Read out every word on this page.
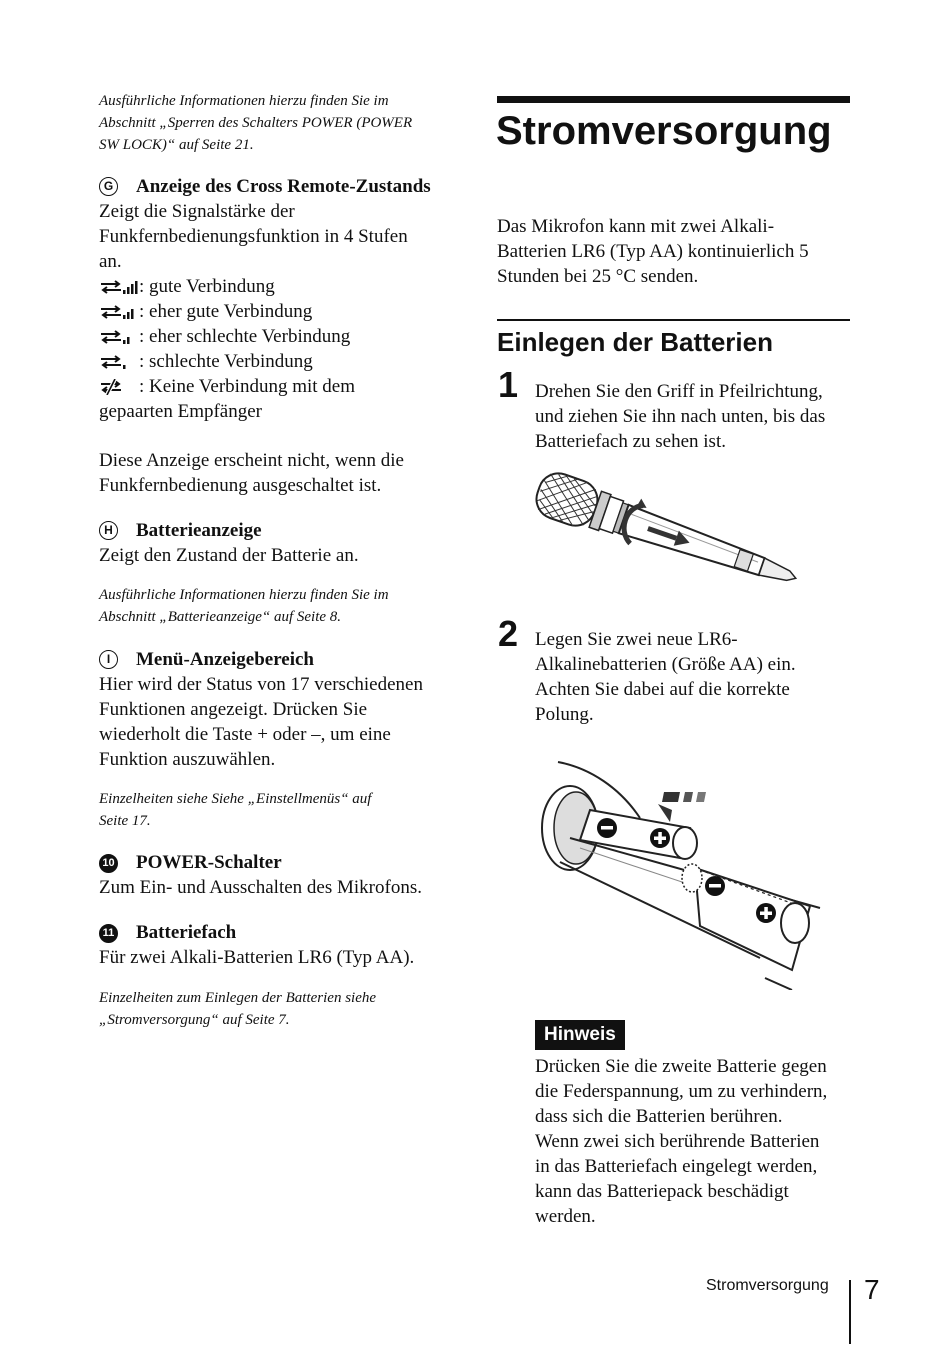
Ausführliche Informationen hierzu finden Sie im
Abschnitt „Sperren des Schalters POWER (POWER
SW LOCK)“ auf Seite 21.
G Anzeige des Cross Remote-Zustands
Zeigt die Signalstärke der
Funkfernbedienungsfunktion in 4 Stufen
an.
: gute Verbindung
: eher gute Verbindung
: eher schlechte Verbindung
: schlechte Verbindung
: Keine Verbindung mit dem
gepaarten Empfänger
Diese Anzeige erscheint nicht, wenn die
Funkfernbedienung ausgeschaltet ist.
H Batterieanzeige
Zeigt den Zustand der Batterie an.
Ausführliche Informationen hierzu finden Sie im
Abschnitt „Batterieanzeige“ auf Seite 8.
I Menü-Anzeigebereich
Hier wird der Status von 17 verschiedenen
Funktionen angezeigt. Drücken Sie
wiederholt die Taste + oder –, um eine
Funktion auszuwählen.
Einzelheiten siehe Siehe „Einstellmenüs“ auf
Seite 17.
10 POWER-Schalter
Zum Ein- und Ausschalten des Mikrofons.
11 Batteriefach
Für zwei Alkali-Batterien LR6 (Typ AA).
Einzelheiten zum Einlegen der Batterien siehe
„Stromversorgung“ auf Seite 7.
Stromversorgung
Das Mikrofon kann mit zwei Alkali-
Batterien LR6 (Typ AA) kontinuierlich 5
Stunden bei 25 °C senden.
Einlegen der Batterien
1 Drehen Sie den Griff in Pfeilrichtung,
und ziehen Sie ihn nach unten, bis das
Batteriefach zu sehen ist.
2 Legen Sie zwei neue LR6-
Alkalinebatterien (Größe AA) ein.
Achten Sie dabei auf die korrekte
Polung.
Hinweis
Drücken Sie die zweite Batterie gegen
die Federspannung, um zu verhindern,
dass sich die Batterien berühren.
Wenn zwei sich berührende Batterien
in das Batteriefach eingelegt werden,
kann das Batteriepack beschädigt
werden.
Stromversorgung 7
